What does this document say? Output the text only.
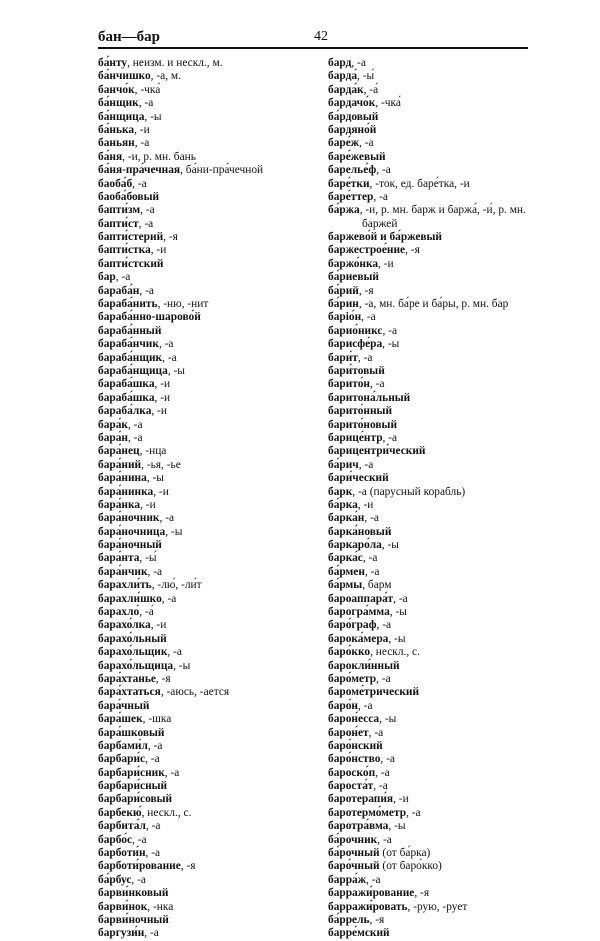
бан—бар	42
ба́нту, неизм. и нескл., м.
ба́нчишко, -а, м.
банчо́к, -чка́
ба́нщик, -а
ба́нщица, -ы
ба́нька, -и
баньян, -а
ба́ня, -и, р. мн. бань
ба́ня-пра́чечная, ба́ни-пра́чечной
баоба́б, -а
баоба́бовый
бапти́зм, -а
бапти́ст, -а
бапти́стерий, -я
бапти́стка, -и
бапти́стский
бар, -а
бараба́н, -а
бараба́нить, -ню, -нит
бараба́нно-шарово́й
бараба́нный
бараба́нчик, -а
бараба́нщик, -а
бараба́нщица, -ы
бараба́шка, -и
бараба́шка, -и
бараба́лка, -и
бара́к, -а
бара́н, -а
бара́нец, -нца
бара́ний, -ья, -ье
бара́нина, -ы
бара́нинка, -и
бара́нка, -и
бара́ночник, -а
бара́ночница, -ы
бара́ночный
бара́нта, -ы́
бара́нчик, -а
барахли́ть, -лю́, -ли́т
барахли́шко, -а
барахло́, -а́
барахо́лка, -и
барахо́льный
барахо́льщик, -а
барахо́льщица, -ы
бара́хтанье, -я
бара́хтаться, -аюсь, -ается
бара́чный
бара́шек, -шка
бара́шковый
барбами́л, -а
барбари́с, -а
барбари́сник, -а
барбари́сный
барбари́совый
барбекю́, нескл., с.
барбита́л, -а
барбо́с, -а
барботи́н, -а
барботи́рование, -я
ба́рбус, -а
барви́нковый
барви́нок, -нка
барви́ночный
баргузи́н, -а
бард, -а
барда́, -ы́
барда́к, -а́
бардачо́к, -чка́
ба́рдовый
бардяно́й
баре́ж, -а
баре́жевый
барелье́ф, -а
баре́тки, -ток, ед. баре́тка, -и
баре́ттер, -а
ба́ржа, -и, р. мн. барж и баржа́, -и́, р. мн.
баржей
баржево́й и ба́ржевый
баржестрое́ние, -я
баржо́нка, -и
ба́риевый
ба́рий, -я
ба́рин, -а, мн. ба́ре и ба́ры, р. мн. бар
баріо́н, -а
барио́никс, -а
барисфе́ра, -ы
бари́т, -а
бари́товый
барито́н, -а
баритона́льный
барито́нный
барито́новый
барице́нтр, -а
барицентри́ческий
ба́рич, -а
бари́ческий
барк, -а (парусный корабль)
ба́рка, -и
барка́н, -а
барка́новый
баркаро́ла, -ы
барка́с, -а
ба́рмен, -а
ба́рмы, барм
бароаппара́т, -а
барогра́мма, -ы
баро́граф, -а
барока́мера, -ы
баро́кко, нескл., с.
барокли́нный
баро́метр, -а
бароме́трический
баро́н, -а
барон́есса, -ы
барон́ет, -а
баро́нский
баро́нство, -а
бароско́п, -а
бароста́т, -а
баротерапи́я, -и
баротермо́метр, -а
баротра́вма, -ы
ба́рочник, -а
ба́рочный (от ба́рка)
баро́чный (от баро́кко)
барра́ж, -а
барражи́рование, -я
барражи́ровать, -рую, -рует
ба́ррель, -я
барре́мский
